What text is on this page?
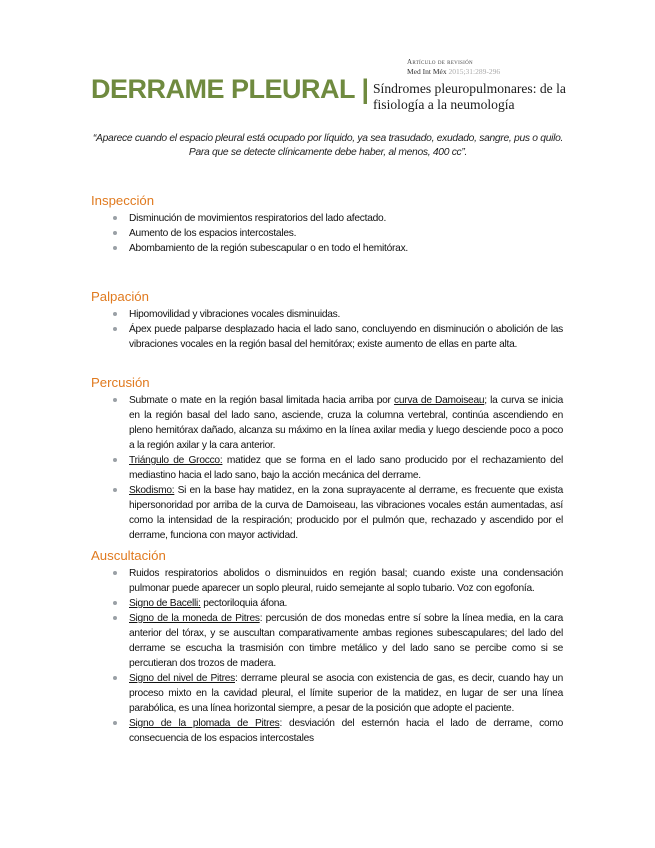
DERRAME PLEURAL |
Artículo de revisión
Med Int Méx 2015;31:289-296
Síndromes pleuropulmonares: de la
fisiología a la neumología
“Aparece cuando el espacio pleural está ocupado por líquido, ya sea trasudado, exudado, sangre, pus o quilo.
Para que se detecte clínicamente debe haber, al menos, 400 cc”.
Inspección
Disminución de movimientos respiratorios del lado afectado.
Aumento de los espacios intercostales.
Abombamiento de la región subescapular o en todo el hemitórax.
Palpación
Hipomovilidad y vibraciones vocales disminuidas.
Ápex puede palparse desplazado hacia el lado sano, concluyendo en disminución o abolición de las vibraciones vocales en la región basal del hemitórax; existe aumento de ellas en parte alta.
Percusión
Submate o mate en la región basal limitada hacia arriba por curva de Damoiseau; la curva se inicia en la región basal del lado sano, asciende, cruza la columna vertebral, continúa ascendiendo en pleno hemitórax dañado, alcanza su máximo en la línea axilar media y luego desciende poco a poco a la región axilar y la cara anterior.
Triángulo de Grocco: matidez que se forma en el lado sano producido por el rechazamiento del mediastino hacia el lado sano, bajo la acción mecánica del derrame.
Skodismo: Si en la base hay matidez, en la zona suprayacente al derrame, es frecuente que exista hipersonoridad por arriba de la curva de Damoiseau, las vibraciones vocales están aumentadas, así como la intensidad de la respiración; producido por el pulmón que, rechazado y ascendido por el derrame, funciona con mayor actividad.
Auscultación
Ruidos respiratorios abolidos o disminuidos en región basal; cuando existe una condensación pulmonar puede aparecer un soplo pleural, ruido semejante al soplo tubario. Voz con egofonía.
Signo de Bacelli: pectoriloquia áfona.
Signo de la moneda de Pitres: percusión de dos monedas entre sí sobre la línea media, en la cara anterior del tórax, y se auscultan comparativamente ambas regiones subescapulares; del lado del derrame se escucha la trasmisión con timbre metálico y del lado sano se percibe como si se percutieran dos trozos de madera.
Signo del nivel de Pitres: derrame pleural se asocia con existencia de gas, es decir, cuando hay un proceso mixto en la cavidad pleural, el límite superior de la matidez, en lugar de ser una línea parabólica, es una línea horizontal siempre, a pesar de la posición que adopte el paciente.
Signo de la plomada de Pitres: desviación del esternón hacia el lado de derrame, como consecuencia de los espacios intercostales
